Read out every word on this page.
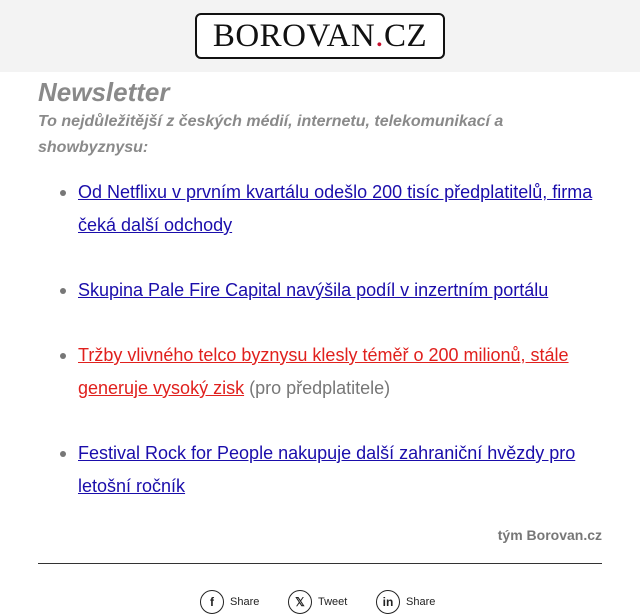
BOROVAN . CZ
Newsletter
To nejdůležitější z českých médií, internetu, telekomunikací a showbyznysu:
Od Netflixu v prvním kvartálu odešlo 200 tisíc předplatitelů, firma čeká další odchody
Skupina Pale Fire Capital navýšila podíl v inzertním portálu
Tržby vlivného telco byznysu klesly téměř o 200 milionů, stále generuje vysoký zisk (pro předplatitele)
Festival Rock for People nakupuje další zahraniční hvězdy pro letošní ročník
tým Borovan.cz
f	Share	𝕏	Tweet	in	Share
